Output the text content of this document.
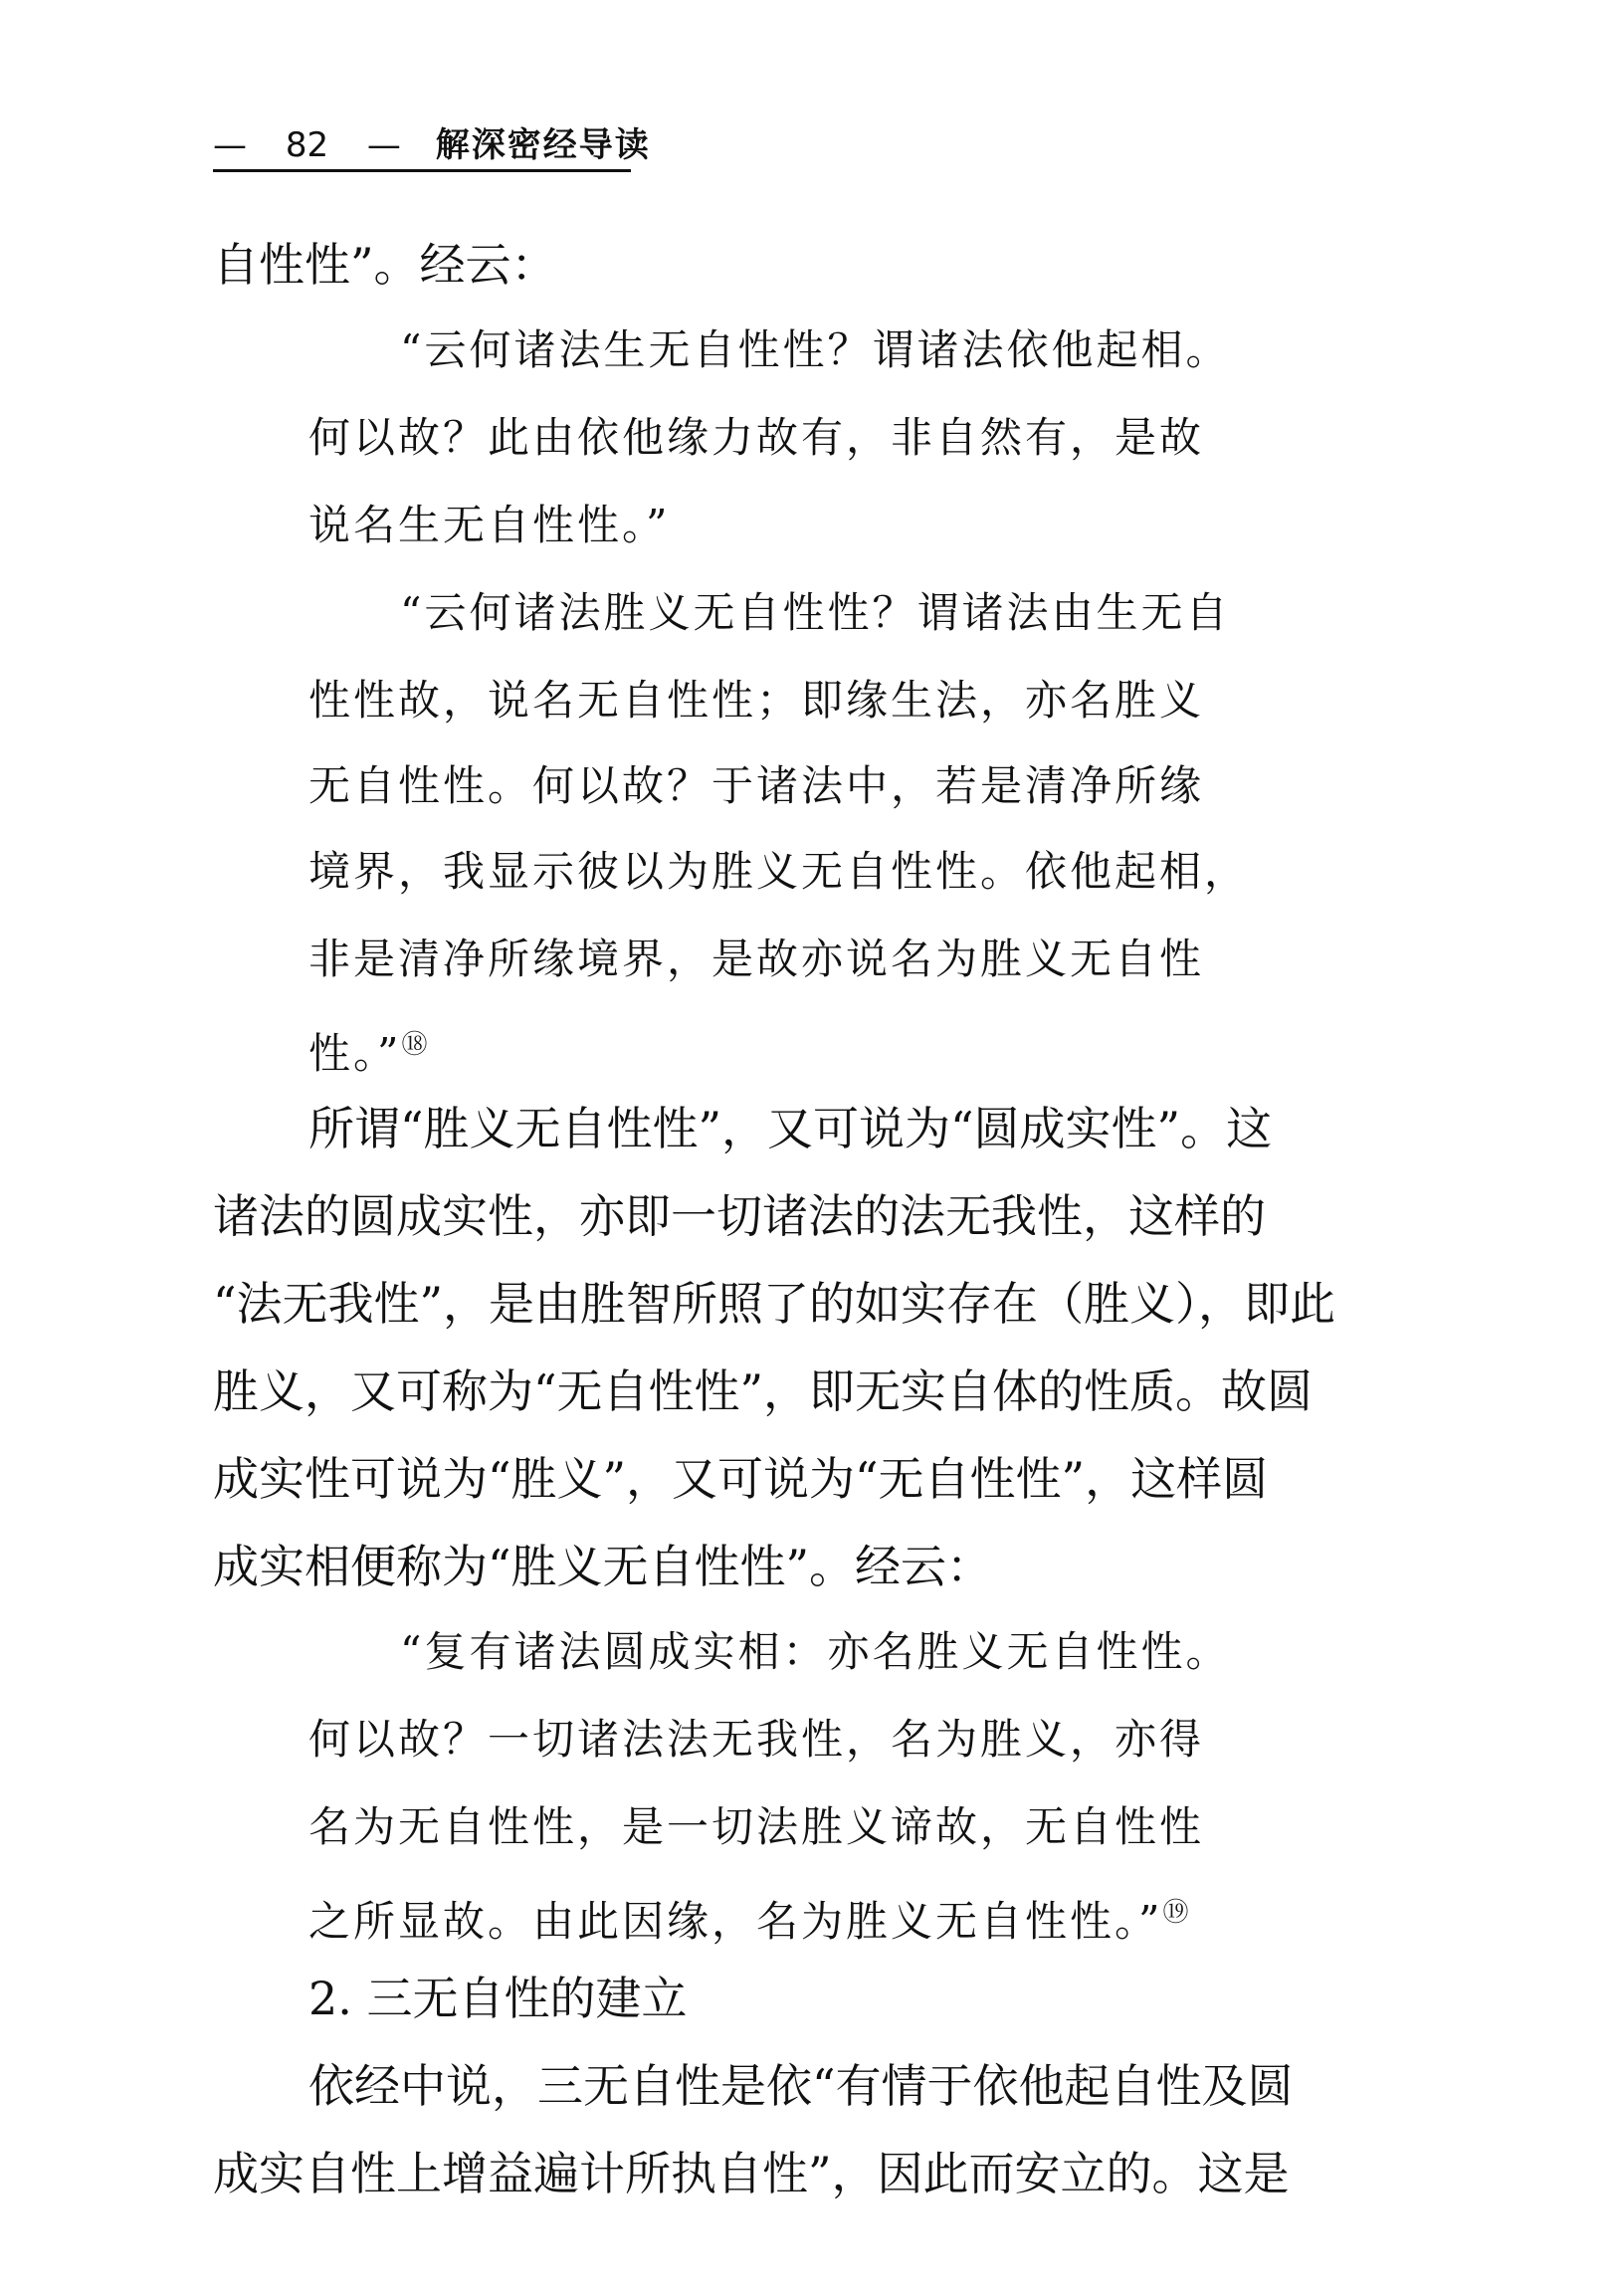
— 82 — 解深密经导读
自性性”。经云：
“云何诸法生无自性性？谓诸法依他起相。
何以故？此由依他缘力故有，非自然有，是故
说名生无自性性。”
“云何诸法胜义无自性性？谓诸法由生无自
性性故，说名无自性性；即缘生法，亦名胜义
无自性性。何以故？于诸法中，若是清净所缘
境界，我显示彼以为胜义无自性性。依他起相，
非是清净所缘境界，是故亦说名为胜义无自性
性。”⑱
所谓“胜义无自性性”，又可说为“圆成实性”。这
诸法的圆成实性，亦即一切诸法的法无我性，这样的
“法无我性”，是由胜智所照了的如实存在（胜义），即此
胜义，又可称为“无自性性”，即无实自体的性质。故圆
成实性可说为“胜义”，又可说为“无自性性”，这样圆
成实相便称为“胜义无自性性”。经云：
“复有诸法圆成实相：亦名胜义无自性性。
何以故？一切诸法法无我性，名为胜义，亦得
名为无自性性，是一切法胜义谛故，无自性性
之所显故。由此因缘，名为胜义无自性性。”⑲
2. 三无自性的建立
依经中说，三无自性是依“有情于依他起自性及圆
成实自性上增益遍计所执自性”，因此而安立的。这是
